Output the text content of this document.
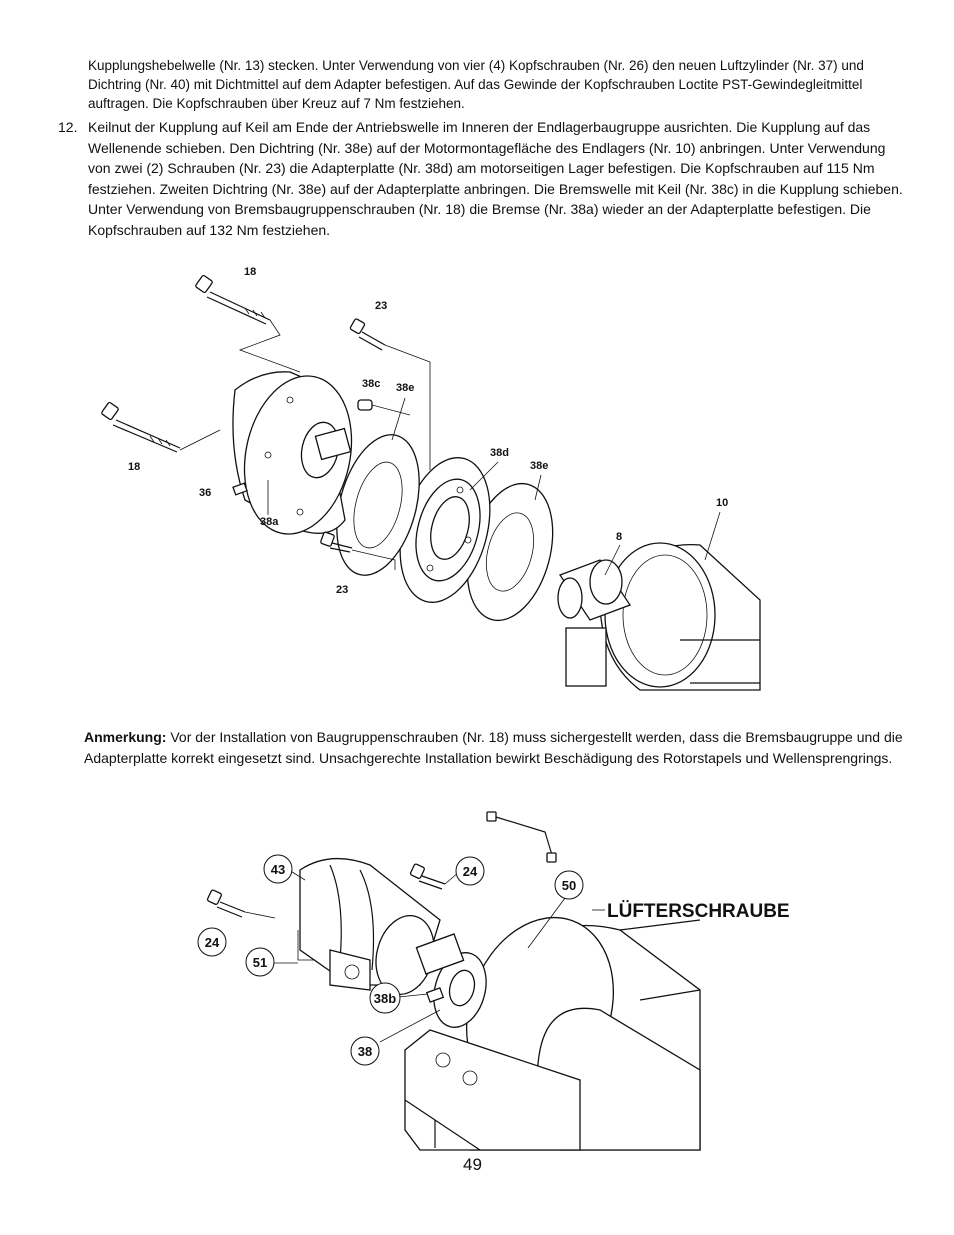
Kupplungshebelwelle (Nr. 13) stecken. Unter Verwendung von vier (4) Kopfschrauben (Nr. 26) den neuen Luftzylinder (Nr. 37) und Dichtring (Nr. 40) mit Dichtmittel auf dem Adapter befestigen. Auf das Gewinde der Kopfschrauben Loctite PST-Gewindegleitmittel auftragen. Die Kopfschrauben über Kreuz auf 7 Nm festziehen.

12. Keilnut der Kupplung auf Keil am Ende der Antriebswelle im Inneren der Endlagerbaugruppe ausrichten. Die Kupplung auf das Wellenende schieben. Den Dichtring (Nr. 38e) auf der Motormontagefläche des Endlagers (Nr. 10) anbringen. Unter Verwendung von zwei (2) Schrauben (Nr. 23) die Adapterplatte (Nr. 38d) am motorseitigen Lager befestigen. Die Kopfschrauben auf 115 Nm festziehen. Zweiten Dichtring (Nr. 38e) auf der Adapterplatte anbringen. Die Bremswelle mit Keil (Nr. 38c) in die Kupplung schieben. Unter Verwendung von Bremsbaugruppenschrauben (Nr. 18) die Bremse (Nr. 38a) wieder an der Adapterplatte befestigen. Die Kopfschrauben auf 132 Nm festziehen.

18
23
38c 38e
18
38d
38e
36
10
38a
8
23

Anmerkung: Vor der Installation von Baugruppenschrauben (Nr. 18) muss sichergestellt werden, dass die Bremsbaugruppe und die Adapterplatte korrekt eingesetzt sind. Unsachgerechte Installation bewirkt Beschädigung des Rotorstapels und Wellensprengrings.

43	24
50
24
51
38b
38
LÜFTERSCHRAUBE
49
